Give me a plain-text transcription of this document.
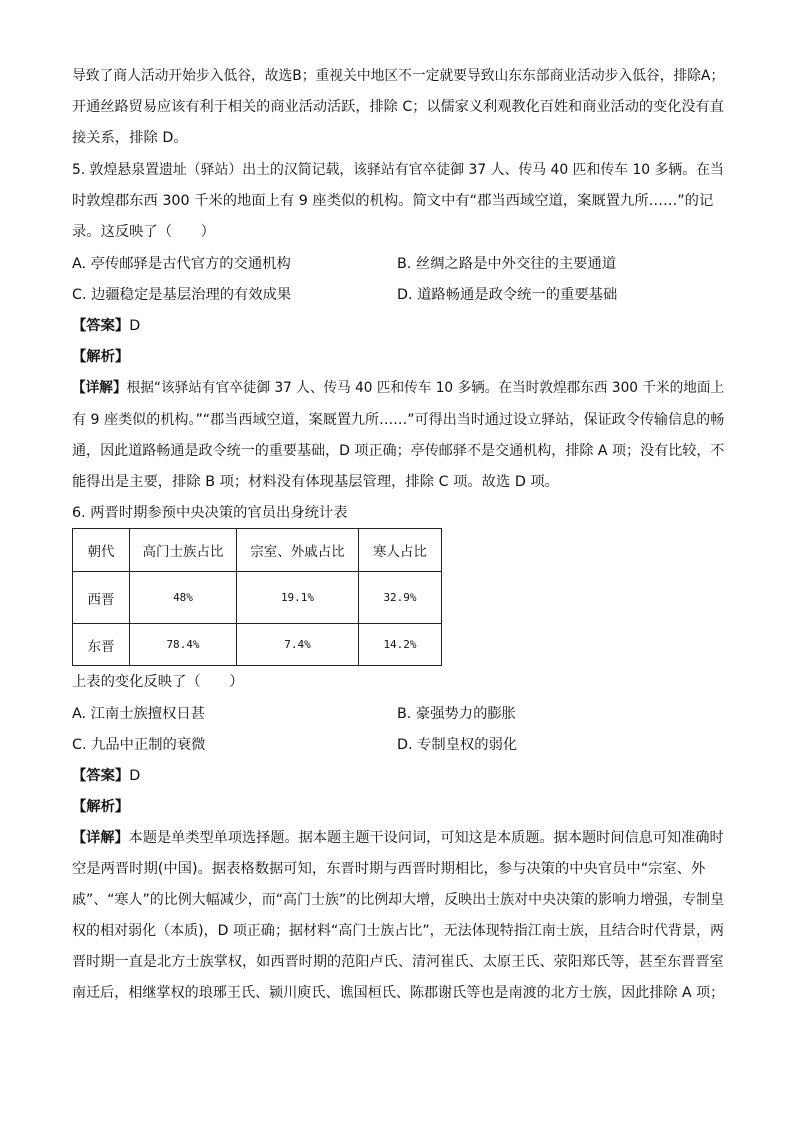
导致了商人活动开始步入低谷，故选B；重视关中地区不一定就要导致山东东部商业活动步入低谷，排除A；
开通丝路贸易应该有利于相关的商业活动活跃，排除 C；以儒家义利观教化百姓和商业活动的变化没有直
接关系，排除 D。
5. 敦煌悬泉置遗址（驿站）出土的汉简记载，该驿站有官卒徒御 37 人、传马 40 匹和传车 10 多辆。在当
时敦煌郡东西 300 千米的地面上有 9 座类似的机构。简文中有“郡当西域空道，案厩置九所……”的记
录。这反映了（　　）
A. 亭传邮驿是古代官方的交通机构	B. 丝绸之路是中外交往的主要通道
C. 边疆稳定是基层治理的有效成果	D. 道路畅通是政令统一的重要基础
【答案】D
【解析】
【详解】根据“该驿站有官卒徒御 37 人、传马 40 匹和传车 10 多辆。在当时敦煌郡东西 300 千米的地面上
有 9 座类似的机构。”“郡当西域空道，案厩置九所……”可得出当时通过设立驿站，保证政令传输信息的畅
通，因此道路畅通是政令统一的重要基础，D 项正确；亭传邮驿不是交通机构，排除 A 项；没有比较，不
能得出是主要，排除 B 项；材料没有体现基层管理，排除 C 项。故选 D 项。
6. 两晋时期参预中央决策的官员出身统计表
朝代	高门士族占比	宗室、外戚占比	寒人占比
西晋	48%	19.1%	32.9%
东晋	78.4%	7.4%	14.2%
上表的变化反映了（　　）
A. 江南士族擅权日甚	B. 豪强势力的膨胀
C. 九品中正制的衰微	D. 专制皇权的弱化
【答案】D
【解析】
【详解】本题是单类型单项选择题。据本题主题干设问词，可知这是本质题。据本题时间信息可知准确时
空是两晋时期(中国)。据表格数据可知，东晋时期与西晋时期相比，参与决策的中央官员中“宗室、外
戚”、“寒人”的比例大幅减少，而“高门士族”的比例却大增，反映出士族对中央决策的影响力增强，专制皇
权的相对弱化（本质)，D 项正确；据材料“高门士族占比”，无法体现特指江南士族，且结合时代背景，两
晋时期一直是北方士族掌权，如西晋时期的范阳卢氏、清河崔氏、太原王氏、荥阳郑氏等，甚至东晋晋室
南迁后，相继掌权的琅琊王氏、颍川庾氏、谯国桓氏、陈郡谢氏等也是南渡的北方士族，因此排除 A 项；
